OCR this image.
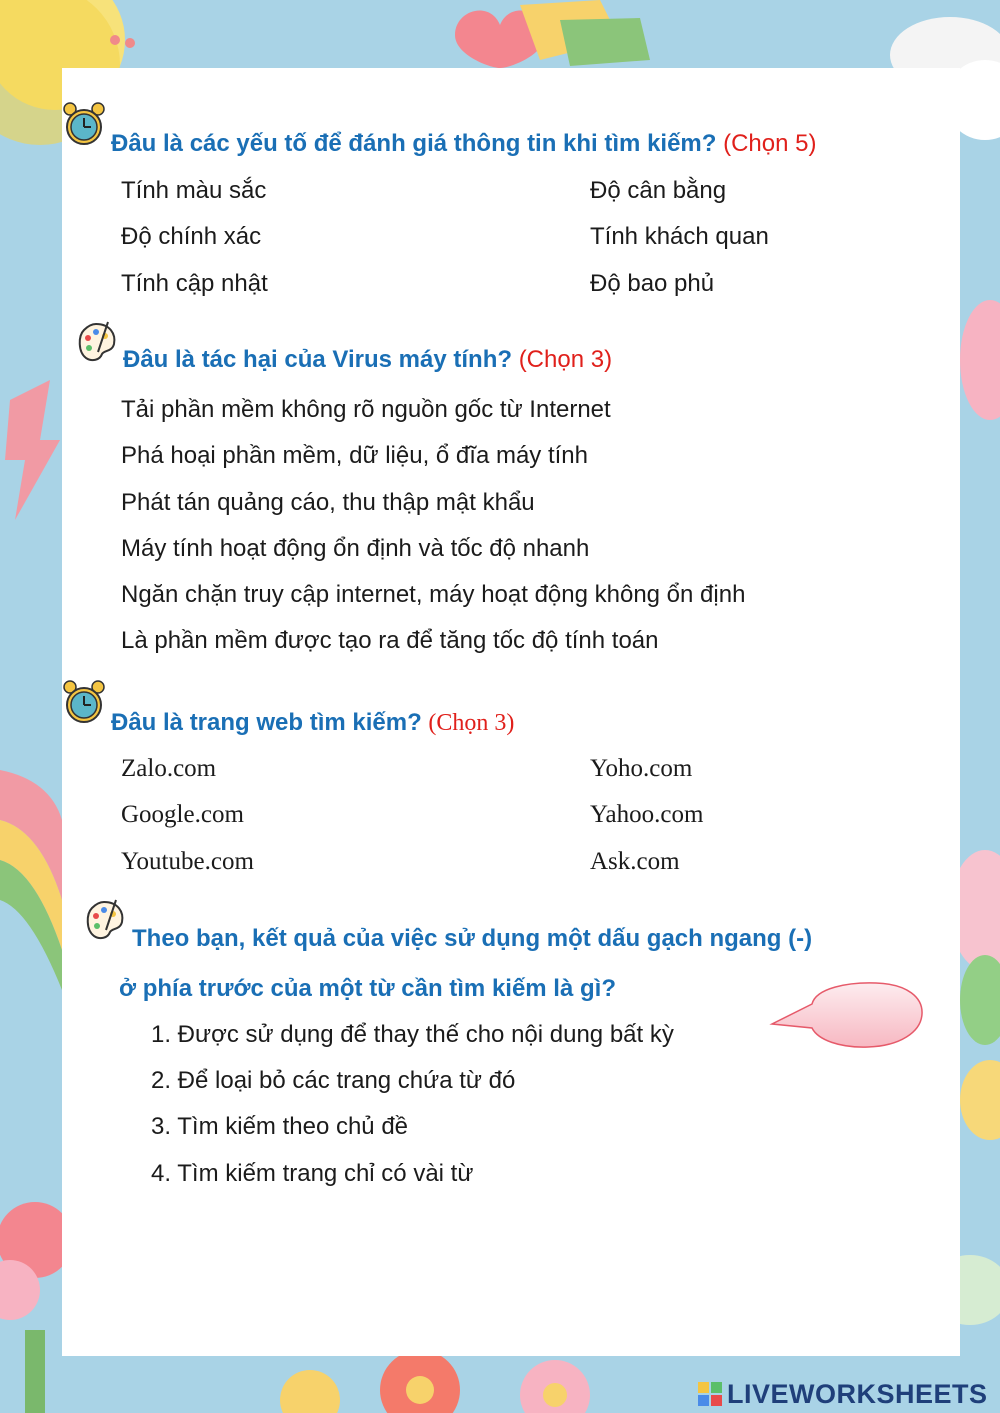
Đâu là các yếu tố để đánh giá thông tin khi tìm kiếm? (Chọn 5)
Tính màu sắc	Độ cân bằng
Độ chính xác	Tính khách quan
Tính cập nhật	Độ bao phủ
Đâu là tác hại của Virus máy tính? (Chọn 3)
Tải phần mềm không rõ nguồn gốc từ Internet
Phá hoại phần mềm, dữ liệu, ổ đĩa máy tính
Phát tán quảng cáo, thu thập mật khẩu
Máy tính hoạt động ổn định và tốc độ nhanh
Ngăn chặn truy cập internet, máy hoạt động không ổn định
Là phần mềm được tạo ra để tăng tốc độ tính toán
Đâu là trang web tìm kiếm? (Chọn 3)
Zalo.com	Yoho.com
Google.com	Yahoo.com
Youtube.com	Ask.com
Theo bạn, kết quả của việc sử dụng một dấu gạch ngang (-)
ở phía trước của một từ cần tìm kiếm là gì?
1. Được sử dụng để thay thế cho nội dung bất kỳ
2. Để loại bỏ các trang chứa từ đó
3. Tìm kiếm theo chủ đề
4. Tìm kiếm trang chỉ có vài từ
LIVEWORKSHEETS
